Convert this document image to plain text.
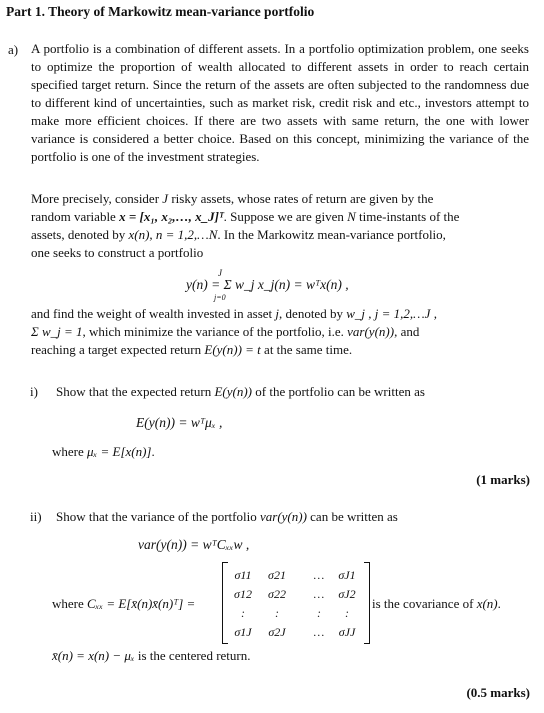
Part 1. Theory of Markowitz mean-variance portfolio
a) A portfolio is a combination of different assets. In a portfolio optimization problem, one seeks to optimize the proportion of wealth allocated to different assets in order to reach certain specified target return. Since the return of the assets are often subjected to the randomness due to different kind of uncertainties, such as market risk, credit risk and etc., investors attempt to make more efficient choices. If there are two assets with same return, the one with lower variance is considered a better choice. Based on this concept, minimizing the variance of the portfolio is one of the investment strategies.

More precisely, consider J risky assets, whose rates of return are given by the

random variable x = [x₁, x₂,…, x_J]ᵀ. Suppose we are given N time-instants of the

assets, denoted by x(n), n = 1,2,…N. In the Markowitz mean-variance portfolio,

one seeks to construct a portfolio

J
y(n) = Σ w_j x_j(n) = wᵀx(n) ,
j=0

and find the weight of wealth invested in asset j, denoted by w_j , j = 1,2,…J ,

Σ w_j = 1, which minimize the variance of the portfolio, i.e. var(y(n)), and

reaching a target expected return E(y(n)) = t at the same time.

i) Show that the expected return E(y(n)) of the portfolio can be written as
E(y(n)) = wᵀμₓ ,
where μₓ = E[x(n)].
(1 marks)
ii) Show that the variance of the portfolio var(y(n)) can be written as
var(y(n)) = wᵀCₓₓw ,
where Cₓₓ = E[x̄(n)x̄(n)ᵀ] =
σ11	σ21	…	σJ1
σ12	σ22	…	σJ2
:	:	:	:
σ1J	σ2J	…	σJJ
is the covariance of x(n).
x̄(n) = x(n) − μₓ is the centered return.
(0.5 marks)
